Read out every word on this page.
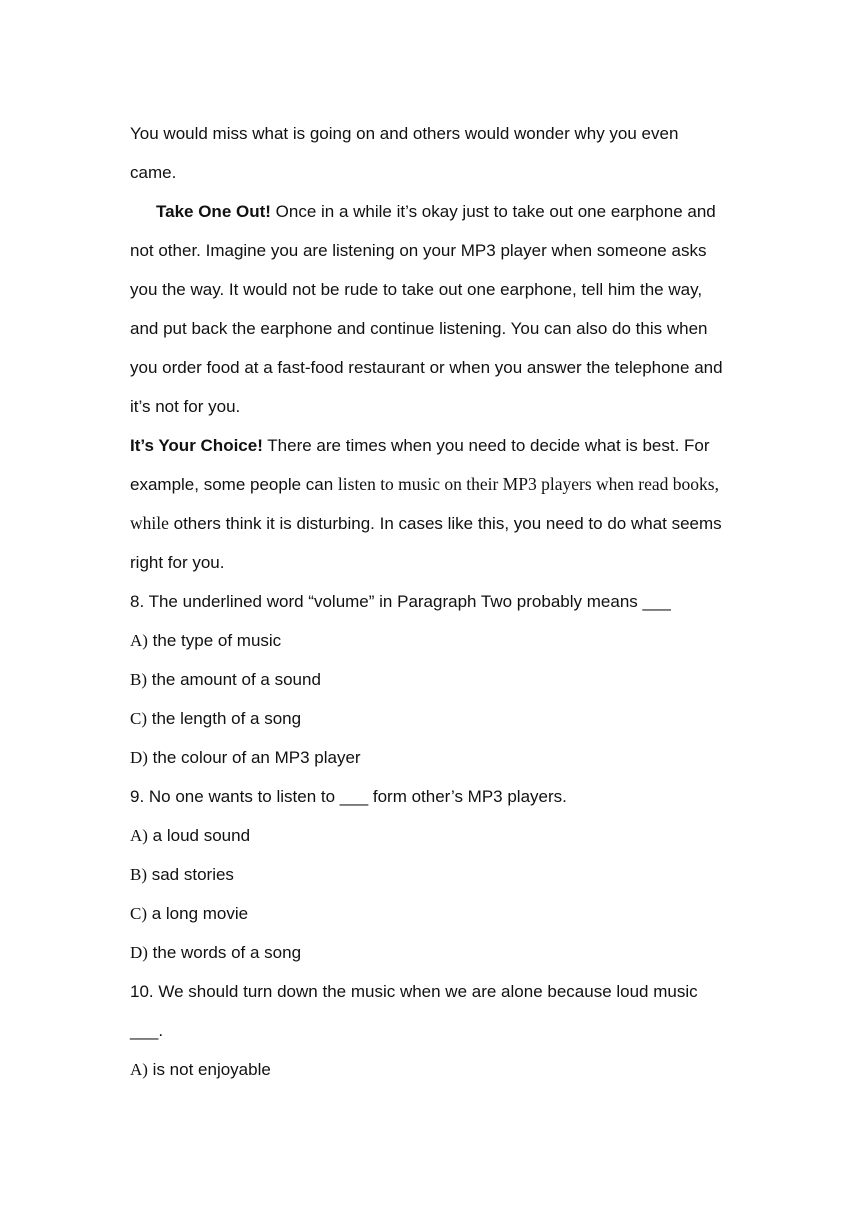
You would miss what is going on and others would wonder why you even
came.
Take One Out! Once in a while it’s okay just to take out one earphone and
not other. Imagine you are listening on your MP3 player when someone asks
you the way. It would not be rude to take out one earphone, tell him the way,
and put back the earphone and continue listening. You can also do this when
you order food at a fast-food restaurant or when you answer the telephone and
it’s not for you.
It’s Your Choice! There are times when you need to decide what is best. For
example, some people can listen to music on their MP3 players when read books,
while others think it is disturbing. In cases like this, you need to do what seems
right for you.
8. The underlined word “volume” in Paragraph Two probably means ___
A) the type of music
B) the amount of a sound
C) the length of a song
D) the colour of an MP3 player
9. No one wants to listen to ___ form other’s MP3 players.
A) a loud sound
B) sad stories
C) a long movie
D) the words of a song
10. We should turn down the music when we are alone because loud music
___.
A) is not enjoyable
